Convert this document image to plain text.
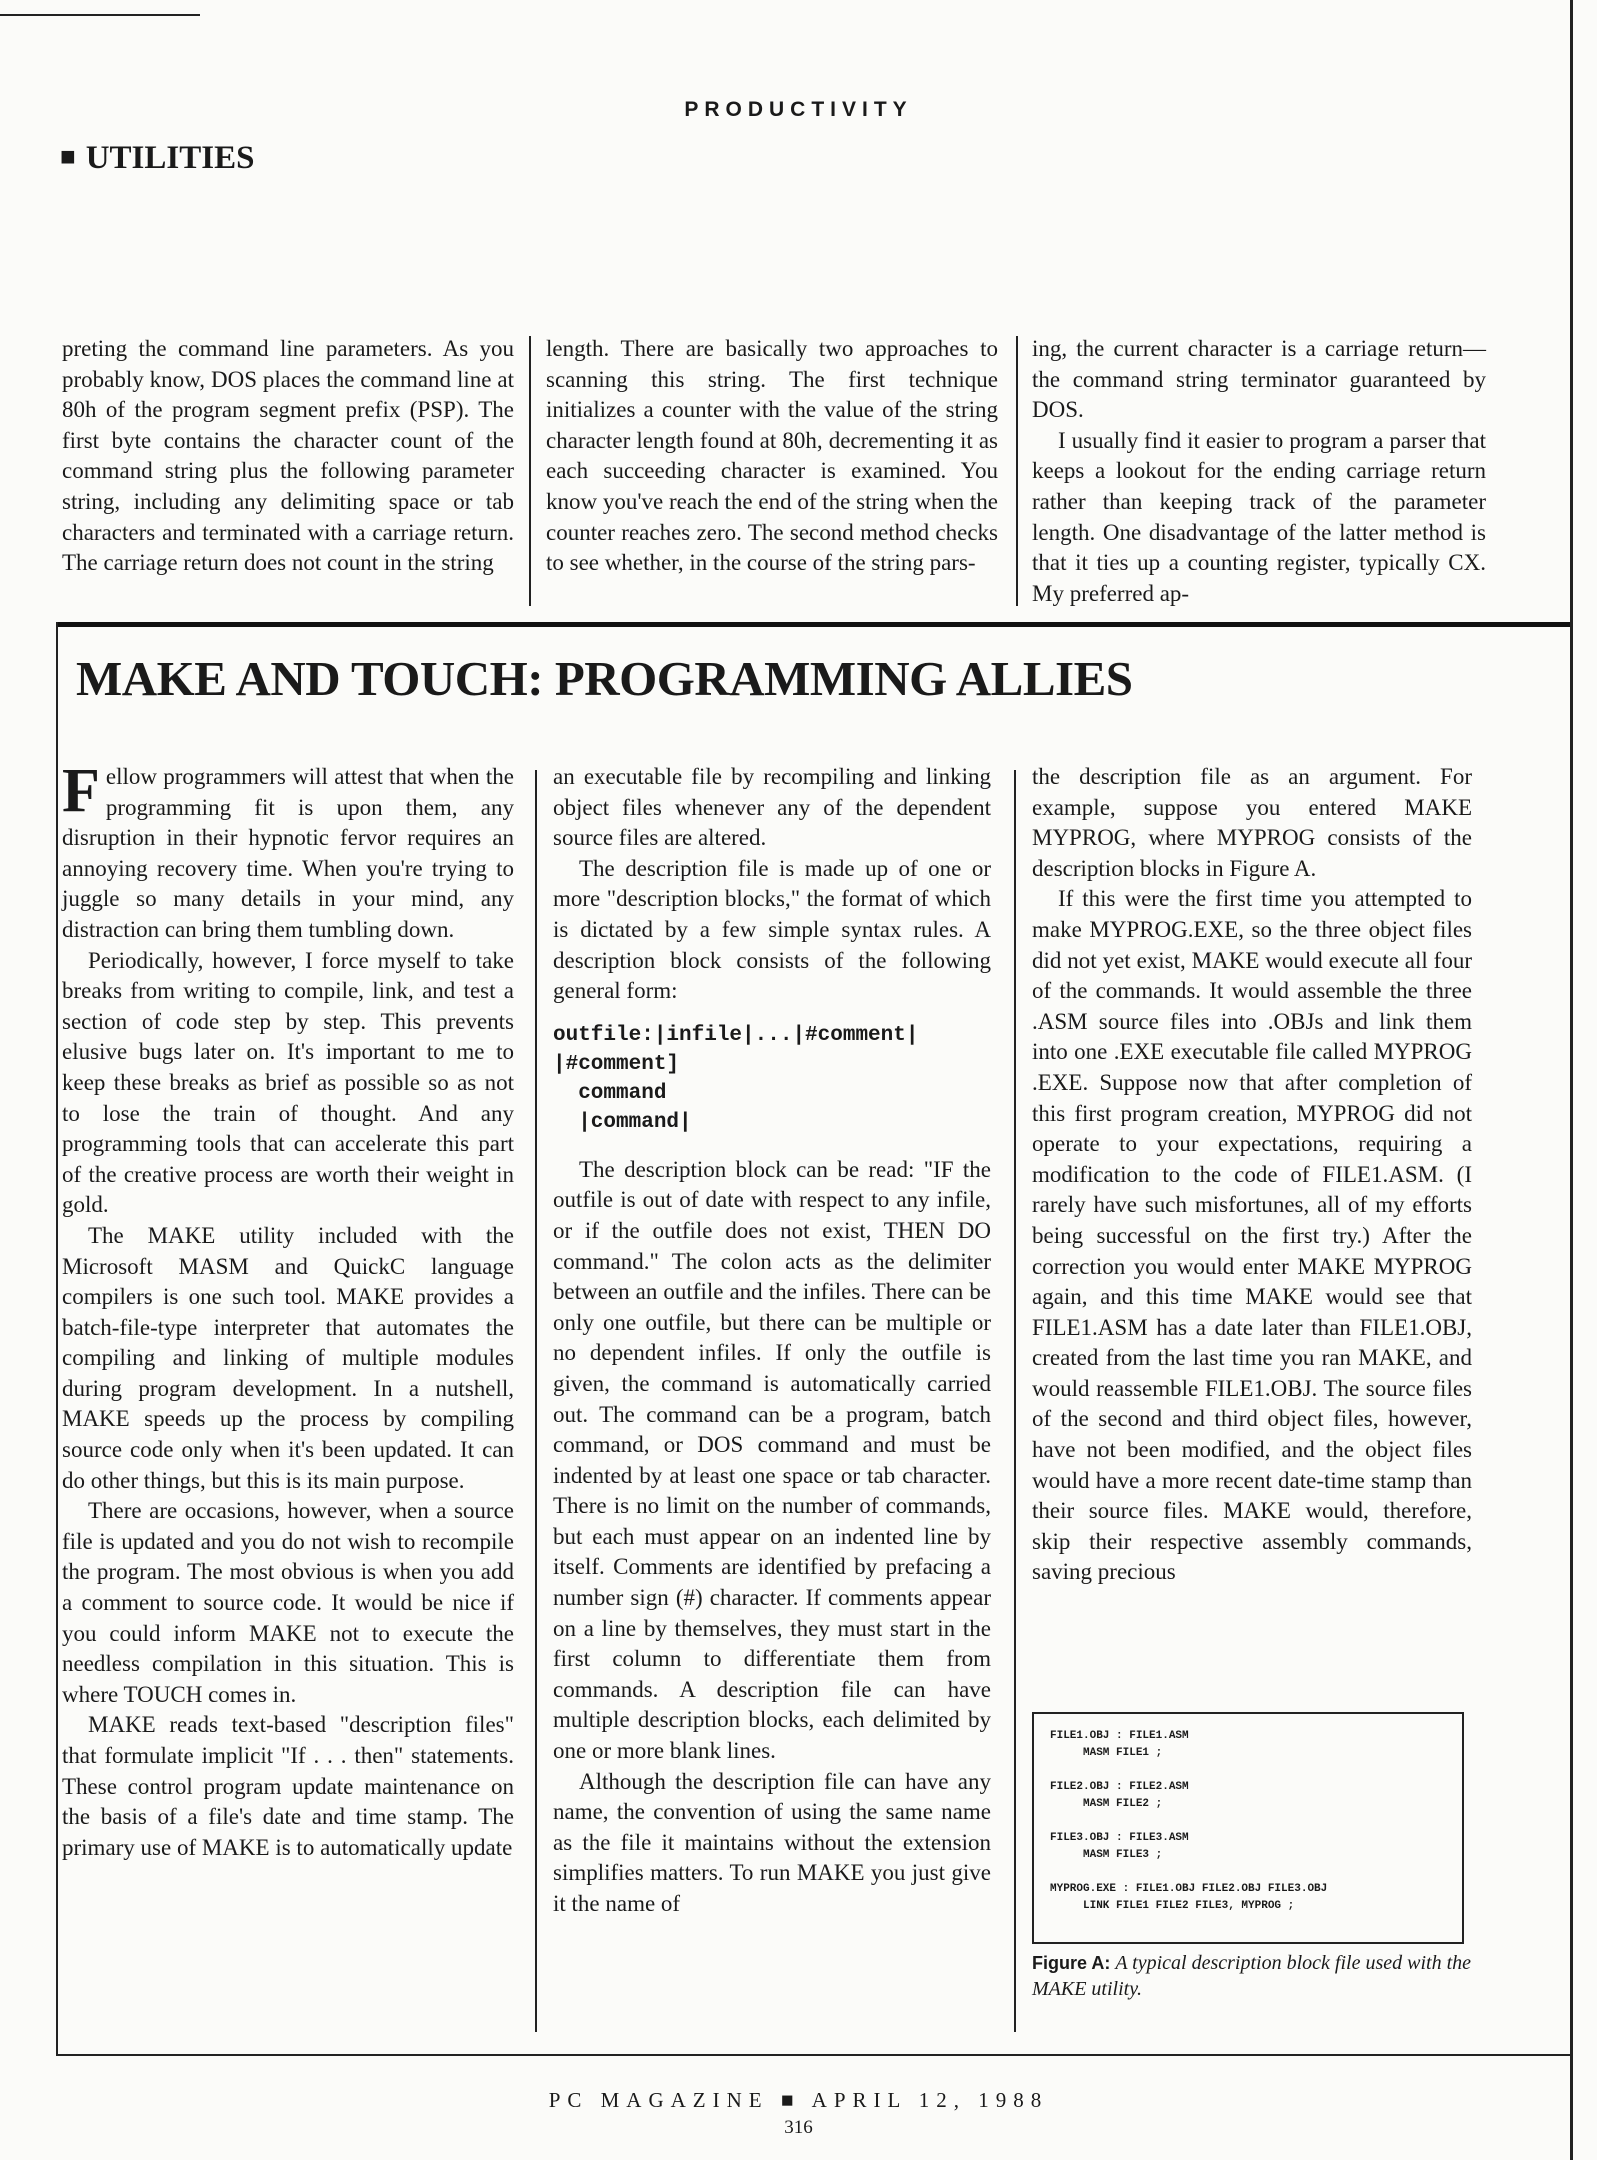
PRODUCTIVITY
■ UTILITIES

preting the command line parameters. As you probably know, DOS places the command line at 80h of the program segment prefix (PSP). The first byte contains the character count of the command string plus the following parameter string, including any delimiting space or tab characters and terminated with a carriage return. The carriage return does not count in the string

length. There are basically two approaches to scanning this string. The first technique initializes a counter with the value of the string character length found at 80h, decrementing it as each succeeding character is examined. You know you've reach the end of the string when the counter reaches zero. The second method checks to see whether, in the course of the string pars-

ing, the current character is a carriage return—the command string terminator guaranteed by DOS.

I usually find it easier to program a parser that keeps a lookout for the ending carriage return rather than keeping track of the parameter length. One disadvantage of the latter method is that it ties up a counting register, typically CX. My preferred ap-

MAKE AND TOUCH: PROGRAMMING ALLIES

Fellow programmers will attest that when the programming fit is upon them, any disruption in their hypnotic fervor requires an annoying recovery time. When you're trying to juggle so many details in your mind, any distraction can bring them tumbling down.

Periodically, however, I force myself to take breaks from writing to compile, link, and test a section of code step by step. This prevents elusive bugs later on. It's important to me to keep these breaks as brief as possible so as not to lose the train of thought. And any programming tools that can accelerate this part of the creative process are worth their weight in gold.

The MAKE utility included with the Microsoft MASM and QuickC language compilers is one such tool. MAKE provides a batch-file-type interpreter that automates the compiling and linking of multiple modules during program development. In a nutshell, MAKE speeds up the process by compiling source code only when it's been updated. It can do other things, but this is its main purpose.

There are occasions, however, when a source file is updated and you do not wish to recompile the program. The most obvious is when you add a comment to source code. It would be nice if you could inform MAKE not to execute the needless compilation in this situation. This is where TOUCH comes in.

MAKE reads text-based "description files" that formulate implicit "If . . . then" statements. These control program update maintenance on the basis of a file's date and time stamp. The primary use of MAKE is to automatically update

an executable file by recompiling and linking object files whenever any of the dependent source files are altered.

The description file is made up of one or more "description blocks," the format of which is dictated by a few simple syntax rules. A description block consists of the following general form:

outfile:|infile|...|#comment|
|#comment]
command
|command|

The description block can be read: "IF the outfile is out of date with respect to any infile, or if the outfile does not exist, THEN DO command." The colon acts as the delimiter between an outfile and the infiles. There can be only one outfile, but there can be multiple or no dependent infiles. If only the outfile is given, the command is automatically carried out. The command can be a program, batch command, or DOS command and must be indented by at least one space or tab character. There is no limit on the number of commands, but each must appear on an indented line by itself. Comments are identified by prefacing a number sign (#) character. If comments appear on a line by themselves, they must start in the first column to differentiate them from commands. A description file can have multiple description blocks, each delimited by one or more blank lines.

Although the description file can have any name, the convention of using the same name as the file it maintains without the extension simplifies matters. To run MAKE you just give it the name of

the description file as an argument. For example, suppose you entered MAKE MYPROG, where MYPROG consists of the description blocks in Figure A.

If this were the first time you attempted to make MYPROG.EXE, so the three object files did not yet exist, MAKE would execute all four of the commands. It would assemble the three .ASM source files into .OBJs and link them into one .EXE executable file called MYPROG .EXE. Suppose now that after completion of this first program creation, MYPROG did not operate to your expectations, requiring a modification to the code of FILE1.ASM. (I rarely have such misfortunes, all of my efforts being successful on the first try.) After the correction you would enter MAKE MYPROG again, and this time MAKE would see that FILE1.ASM has a date later than FILE1.OBJ, created from the last time you ran MAKE, and would reassemble FILE1.OBJ. The source files of the second and third object files, however, have not been modified, and the object files would have a more recent date-time stamp than their source files. MAKE would, therefore, skip their respective assembly commands, saving precious

FILE1.OBJ : FILE1.ASM
MASM FILE1 ;

FILE2.OBJ : FILE2.ASM
MASM FILE2 ;

FILE3.OBJ : FILE3.ASM
MASM FILE3 ;

MYPROG.EXE : FILE1.OBJ FILE2.OBJ FILE3.OBJ
LINK FILE1 FILE2 FILE3, MYPROG ;
Figure A: A typical description block file used with the MAKE utility.
PC MAGAZINE ■ APRIL 12, 1988
316
